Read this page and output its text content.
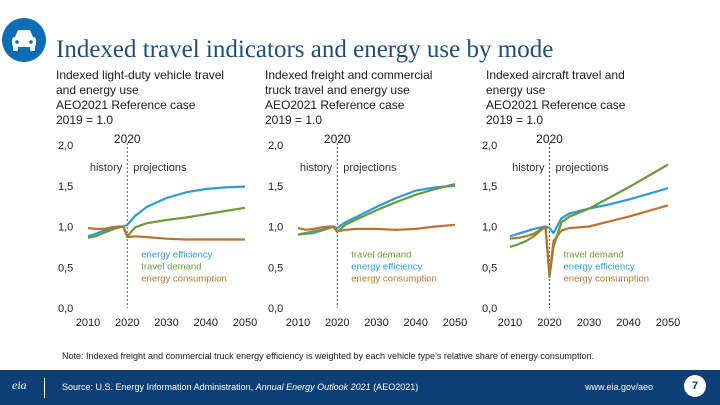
Indexed travel indicators and energy use by mode
Indexed light-duty vehicle travel
and energy use
AEO2021 Reference case
2019 = 1.0
Indexed freight and commercial
truck travel and energy use
AEO2021 Reference case
2019 = 1.0
Indexed aircraft travel and
energy use
AEO2021 Reference case
2019 = 1.0
0,0
0,5
1,0
1,5
2,0
2010 2020 2030 2040 2050
2020
history projections
energy efficiency
travel demand
energy consumption
0,0
0,5
1,0
1,5
2,0
2010 2020 2030 2040 2050
2020
history projections
travel demand
energy efficiency
energy consumption
0,0
0,5
1,0
1,5
2,0
2010 2020 2030 2040 2050
2020
history projections
travel demand
energy efficiency
energy consumption
Note: Indexed freight and commercial truck energy efficiency is weighted by each vehicle type’s relative share of energy consumption.
eia	Source: U.S. Energy Information Administration, Annual Energy Outlook 2021 (AEO2021)	www.eia.gov/aeo	7
